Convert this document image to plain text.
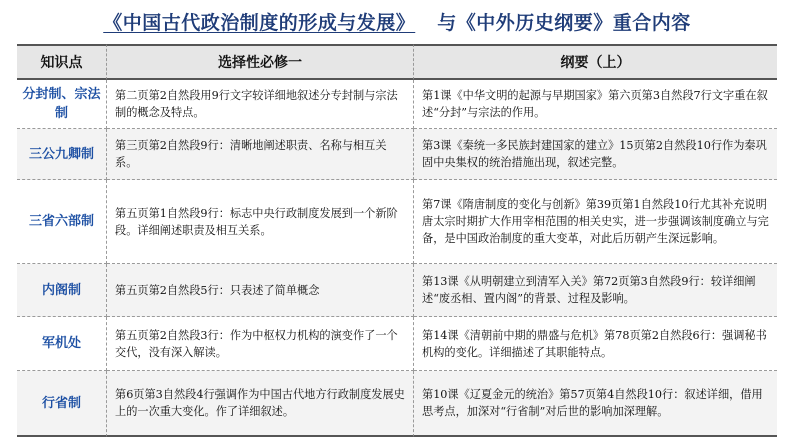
《中国古代政治制度的形成与发展》 与《中外历史纲要》重合内容
知识点	选择性必修一	纲要（上）
分封制、宗法制	第二页第2自然段用9行文字较详细地叙述分专封制与宗法制的概念及特点。	第1课《中华文明的起源与早期国家》第六页第3自然段7行文字重在叙述“分封”与宗法的作用。
三公九卿制	第三页第2自然段9行：清晰地阐述职责、名称与相互关系。	第3课《秦统一多民族封建国家的建立》15页第2自然段10行作为秦巩固中央集权的统治措施出现，叙述完整。
三省六部制	第五页第1自然段9行：标志中央行政制度发展到一个新阶段。详细阐述职责及相互关系。	第7课《隋唐制度的变化与创新》第39页第1自然段10行尤其补充说明唐太宗时期扩大作用宰相范围的相关史实，进一步强调该制度确立与完备，是中国政治制度的重大变革，对此后历朝产生深远影响。
内阁制	第五页第2自然段5行：只表述了简单概念	第13课《从明朝建立到清军入关》第72页第3自然段9行：较详细阐述“废丞相、置内阁”的背景、过程及影响。
军机处	第五页第2自然段3行：作为中枢权力机构的演变作了一个交代，没有深入解读。	第14课《清朝前中期的鼎盛与危机》第78页第2自然段6行：强调秘书机构的变化。详细描述了其职能特点。
行省制	第6页第3自然段4行强调作为中国古代地方行政制度发展史上的一次重大变化。作了详细叙述。	第10课《辽夏金元的统治》第57页第4自然段10行：叙述详细，借用思考点，加深对“行省制”对后世的影响加深理解。
